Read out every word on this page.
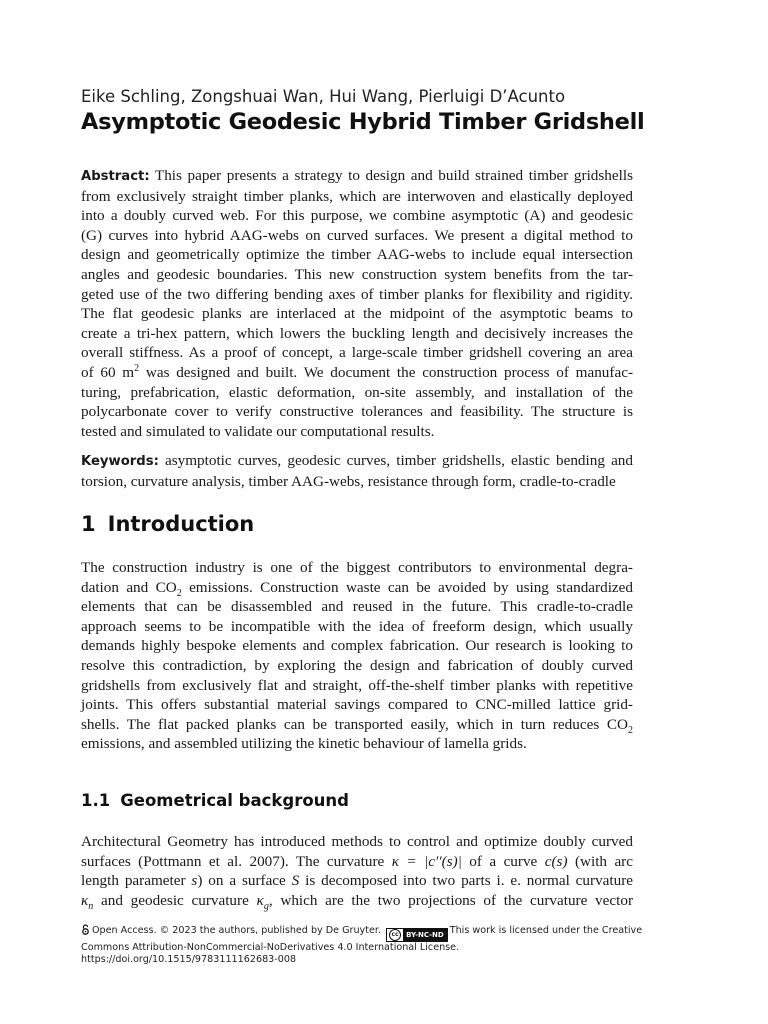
Eike Schling, Zongshuai Wan, Hui Wang, Pierluigi D’Acunto
Asymptotic Geodesic Hybrid Timber Gridshell
Abstract: This paper presents a strategy to design and build strained timber gridshells
from exclusively straight timber planks, which are interwoven and elastically deployed
into a doubly curved web. For this purpose, we combine asymptotic (A) and geodesic
(G) curves into hybrid AAG-webs on curved surfaces. We present a digital method to
design and geometrically optimize the timber AAG-webs to include equal intersection
angles and geodesic boundaries. This new construction system benefits from the tar-
geted use of the two differing bending axes of timber planks for flexibility and rigidity.
The flat geodesic planks are interlaced at the midpoint of the asymptotic beams to
create a tri-hex pattern, which lowers the buckling length and decisively increases the
overall stiffness. As a proof of concept, a large-scale timber gridshell covering an area
of 60 $m^2$ was designed and built. We document the construction process of manufac-
turing, prefabrication, elastic deformation, on-site assembly, and installation of the
polycarbonate cover to verify constructive tolerances and feasibility. The structure is
tested and simulated to validate our computational results.
Keywords: asymptotic curves, geodesic curves, timber gridshells, elastic bending and
torsion, curvature analysis, timber AAG-webs, resistance through form, cradle-to-cradle
1 Introduction
The construction industry is one of the biggest contributors to environmental degra-
dation and $CO_2$ emissions. Construction waste can be avoided by using standardized
elements that can be disassembled and reused in the future. This cradle-to-cradle
approach seems to be incompatible with the idea of freeform design, which usually
demands highly bespoke elements and complex fabrication. Our research is looking to
resolve this contradiction, by exploring the design and fabrication of doubly curved
gridshells from exclusively flat and straight, off-the-shelf timber planks with repetitive
joints. This offers substantial material savings compared to CNC-milled lattice grid-
shells. The flat packed planks can be transported easily, which in turn reduces $CO_2$
emissions, and assembled utilizing the kinetic behaviour of lamella grids.
1.1 Geometrical background
Architectural Geometry has introduced methods to control and optimize doubly curved
surfaces (Pottmann et al. 2007). The curvature κ = |c′′(s)| of a curve c(s) (with arc
length parameter s) on a surface S is decomposed into two parts i. e. normal curvature
$\kappa_n$ and geodesic curvature $\kappa_g$, which are the two projections of the curvature vector
Open Access. © 2023 the authors, published by De Gruyter.	cc	BY-NC-ND This work is licensed under the Creative
Commons Attribution-NonCommercial-NoDerivatives 4.0 International License.
https://doi.org/10.1515/9783111162683-008
